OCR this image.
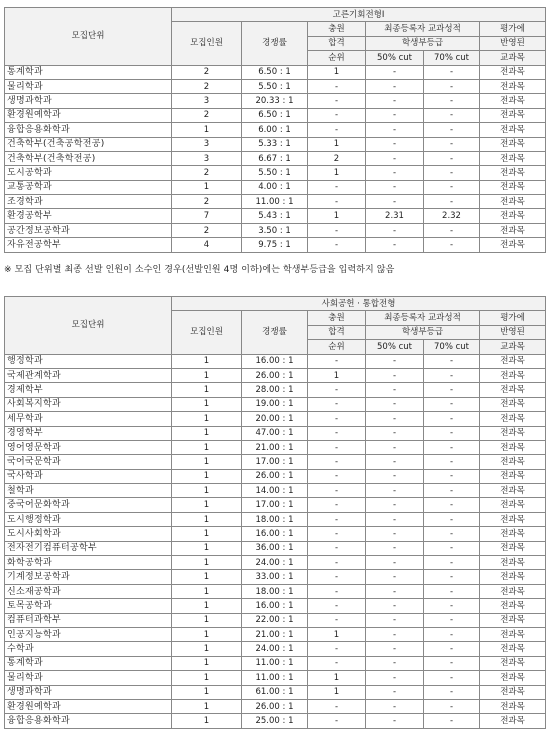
모집단위	고른기회전형Ⅰ					
	모집인원	경쟁률	충원	최종등록자 교과성적		평가에
			합격	학생부등급		반영된
			순위	50% cut	70% cut	교과목
통계학과	2	6.50 : 1	1	-	-	전과목
물리학과	2	5.50 : 1	-	-	-	전과목
생명과학과	3	20.33 : 1	-	-	-	전과목
환경원예학과	2	6.50 : 1	-	-	-	전과목
융합응용화학과	1	6.00 : 1	-	-	-	전과목
건축학부(건축공학전공)	3	5.33 : 1	1	-	-	전과목
건축학부(건축학전공)	3	6.67 : 1	2	-	-	전과목
도시공학과	2	5.50 : 1	1	-	-	전과목
교통공학과	1	4.00 : 1	-	-	-	전과목
조경학과	2	11.00 : 1	-	-	-	전과목
환경공학부	7	5.43 : 1	1	2.31	2.32	전과목
공간정보공학과	2	3.50 : 1	-	-	-	전과목
자유전공학부	4	9.75 : 1	-	-	-	전과목
※ 모집 단위별 최종 선발 인원이 소수인 경우(선발인원 4명 이하)에는 학생부등급을 입력하지 않음
모집단위	사회공헌 · 통합전형					
	모집인원	경쟁률	충원	최종등록자 교과성적		평가에
			합격	학생부등급		반영된
			순위	50% cut	70% cut	교과목
행정학과	1	16.00 : 1	-	-	-	전과목
국제관계학과	1	26.00 : 1	1	-	-	전과목
경제학부	1	28.00 : 1	-	-	-	전과목
사회복지학과	1	19.00 : 1	-	-	-	전과목
세무학과	1	20.00 : 1	-	-	-	전과목
경영학부	1	47.00 : 1	-	-	-	전과목
영어영문학과	1	21.00 : 1	-	-	-	전과목
국어국문학과	1	17.00 : 1	-	-	-	전과목
국사학과	1	26.00 : 1	-	-	-	전과목
철학과	1	14.00 : 1	-	-	-	전과목
중국어문화학과	1	17.00 : 1	-	-	-	전과목
도시행정학과	1	18.00 : 1	-	-	-	전과목
도시사회학과	1	16.00 : 1	-	-	-	전과목
전자전기컴퓨터공학부	1	36.00 : 1	-	-	-	전과목
화학공학과	1	24.00 : 1	-	-	-	전과목
기계정보공학과	1	33.00 : 1	-	-	-	전과목
신소재공학과	1	18.00 : 1	-	-	-	전과목
토목공학과	1	16.00 : 1	-	-	-	전과목
컴퓨터과학부	1	22.00 : 1	-	-	-	전과목
인공지능학과	1	21.00 : 1	1	-	-	전과목
수학과	1	24.00 : 1	-	-	-	전과목
통계학과	1	11.00 : 1	-	-	-	전과목
물리학과	1	11.00 : 1	1	-	-	전과목
생명과학과	1	61.00 : 1	1	-	-	전과목
환경원예학과	1	26.00 : 1	-	-	-	전과목
융합응용화학과	1	25.00 : 1	-	-	-	전과목
